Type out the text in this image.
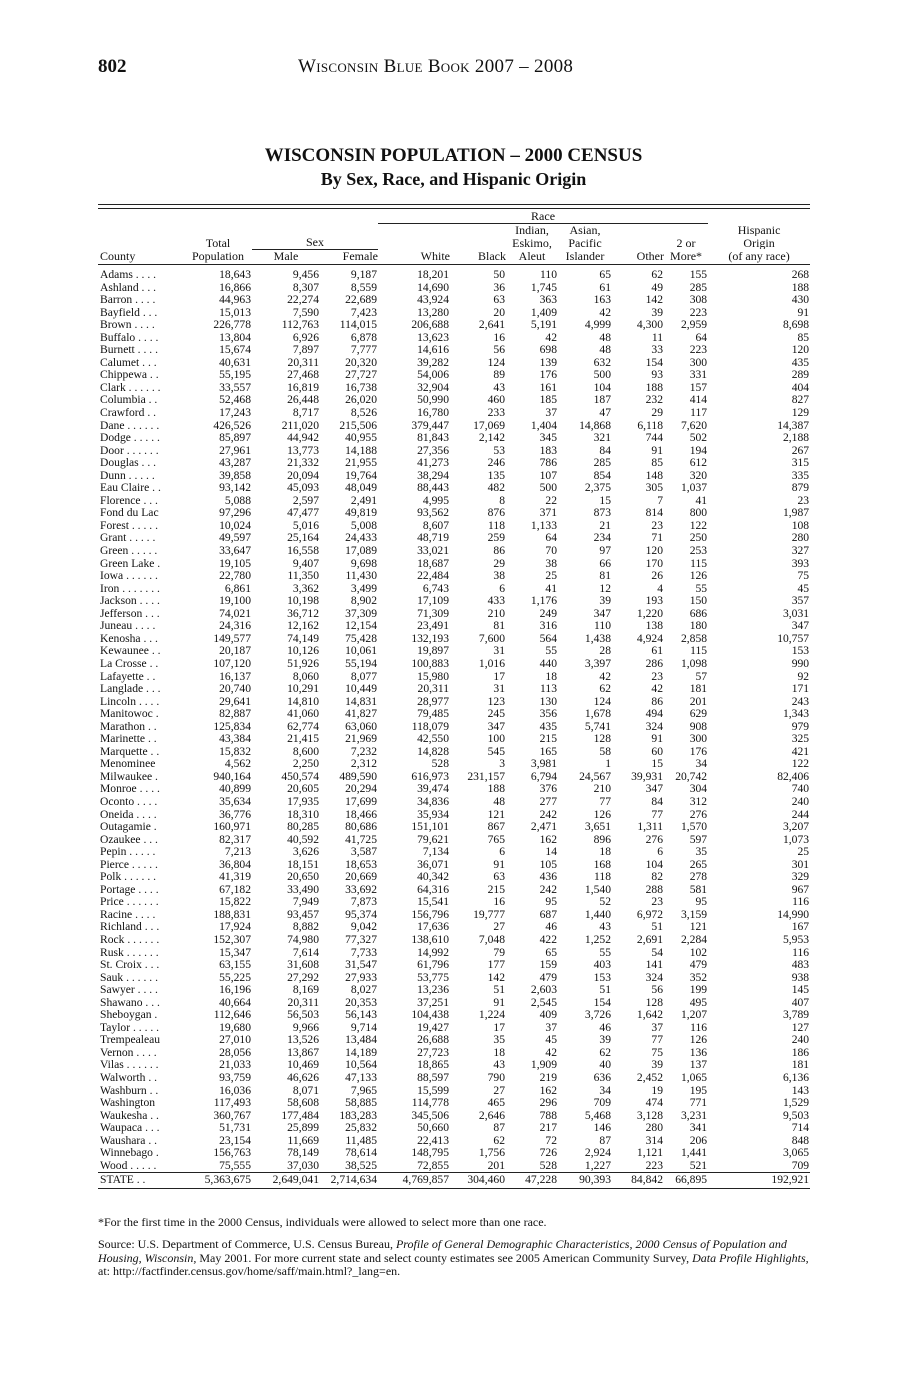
802	Wisconsin Blue Book 2007 – 2008
WISCONSIN POPULATION – 2000 CENSUS
By Sex, Race, and Hispanic Origin
				Race						
						Indian,	Asian,			Hispanic
	Total	Sex				Eskimo,	Pacific		2 or	Origin
County	Population	Male	Female	White	Black	Aleut	Islander	Other	More*	(of any race)
Adams . . . .	18,643	9,456	9,187	18,201	50	110	65	62	155	268
Ashland . . .	16,866	8,307	8,559	14,690	36	1,745	61	49	285	188
Barron . . . .	44,963	22,274	22,689	43,924	63	363	163	142	308	430
Bayfield . . .	15,013	7,590	7,423	13,280	20	1,409	42	39	223	91
Brown . . . .	226,778	112,763	114,015	206,688	2,641	5,191	4,999	4,300	2,959	8,698
Buffalo . . . .	13,804	6,926	6,878	13,623	16	42	48	11	64	85
Burnett . . . .	15,674	7,897	7,777	14,616	56	698	48	33	223	120
Calumet . . .	40,631	20,311	20,320	39,282	124	139	632	154	300	435
Chippewa . .	55,195	27,468	27,727	54,006	89	176	500	93	331	289
Clark . . . . . .	33,557	16,819	16,738	32,904	43	161	104	188	157	404
Columbia . .	52,468	26,448	26,020	50,990	460	185	187	232	414	827
Crawford . .	17,243	8,717	8,526	16,780	233	37	47	29	117	129
Dane . . . . . .	426,526	211,020	215,506	379,447	17,069	1,404	14,868	6,118	7,620	14,387
Dodge . . . . .	85,897	44,942	40,955	81,843	2,142	345	321	744	502	2,188
Door . . . . . .	27,961	13,773	14,188	27,356	53	183	84	91	194	267
Douglas . . .	43,287	21,332	21,955	41,273	246	786	285	85	612	315
Dunn . . . . .	39,858	20,094	19,764	38,294	135	107	854	148	320	335
Eau Claire . .	93,142	45,093	48,049	88,443	482	500	2,375	305	1,037	879
Florence . . .	5,088	2,597	2,491	4,995	8	22	15	7	41	23
Fond du Lac	97,296	47,477	49,819	93,562	876	371	873	814	800	1,987
Forest . . . . .	10,024	5,016	5,008	8,607	118	1,133	21	23	122	108
Grant . . . . .	49,597	25,164	24,433	48,719	259	64	234	71	250	280
Green . . . . .	33,647	16,558	17,089	33,021	86	70	97	120	253	327
Green Lake .	19,105	9,407	9,698	18,687	29	38	66	170	115	393
Iowa . . . . . .	22,780	11,350	11,430	22,484	38	25	81	26	126	75
Iron . . . . . . .	6,861	3,362	3,499	6,743	6	41	12	4	55	45
Jackson . . . .	19,100	10,198	8,902	17,109	433	1,176	39	193	150	357
Jefferson . . .	74,021	36,712	37,309	71,309	210	249	347	1,220	686	3,031
Juneau . . . .	24,316	12,162	12,154	23,491	81	316	110	138	180	347
Kenosha . . .	149,577	74,149	75,428	132,193	7,600	564	1,438	4,924	2,858	10,757
Kewaunee . .	20,187	10,126	10,061	19,897	31	55	28	61	115	153
La Crosse . .	107,120	51,926	55,194	100,883	1,016	440	3,397	286	1,098	990
Lafayette . .	16,137	8,060	8,077	15,980	17	18	42	23	57	92
Langlade . . .	20,740	10,291	10,449	20,311	31	113	62	42	181	171
Lincoln . . . .	29,641	14,810	14,831	28,977	123	130	124	86	201	243
Manitowoc .	82,887	41,060	41,827	79,485	245	356	1,678	494	629	1,343
Marathon . .	125,834	62,774	63,060	118,079	347	435	5,741	324	908	979
Marinette . .	43,384	21,415	21,969	42,550	100	215	128	91	300	325
Marquette . .	15,832	8,600	7,232	14,828	545	165	58	60	176	421
Menominee	4,562	2,250	2,312	528	3	3,981	1	15	34	122
Milwaukee .	940,164	450,574	489,590	616,973	231,157	6,794	24,567	39,931	20,742	82,406
Monroe . . . .	40,899	20,605	20,294	39,474	188	376	210	347	304	740
Oconto . . . .	35,634	17,935	17,699	34,836	48	277	77	84	312	240
Oneida . . . .	36,776	18,310	18,466	35,934	121	242	126	77	276	244
Outagamie .	160,971	80,285	80,686	151,101	867	2,471	3,651	1,311	1,570	3,207
Ozaukee . . .	82,317	40,592	41,725	79,621	765	162	896	276	597	1,073
Pepin . . . . .	7,213	3,626	3,587	7,134	6	14	18	6	35	25
Pierce . . . . .	36,804	18,151	18,653	36,071	91	105	168	104	265	301
Polk . . . . . .	41,319	20,650	20,669	40,342	63	436	118	82	278	329
Portage . . . .	67,182	33,490	33,692	64,316	215	242	1,540	288	581	967
Price . . . . . .	15,822	7,949	7,873	15,541	16	95	52	23	95	116
Racine . . . .	188,831	93,457	95,374	156,796	19,777	687	1,440	6,972	3,159	14,990
Richland . . .	17,924	8,882	9,042	17,636	27	46	43	51	121	167
Rock . . . . . .	152,307	74,980	77,327	138,610	7,048	422	1,252	2,691	2,284	5,953
Rusk . . . . . .	15,347	7,614	7,733	14,992	79	65	55	54	102	116
St. Croix . . .	63,155	31,608	31,547	61,796	177	159	403	141	479	483
Sauk . . . . . .	55,225	27,292	27,933	53,775	142	479	153	324	352	938
Sawyer . . . .	16,196	8,169	8,027	13,236	51	2,603	51	56	199	145
Shawano . . .	40,664	20,311	20,353	37,251	91	2,545	154	128	495	407
Sheboygan .	112,646	56,503	56,143	104,438	1,224	409	3,726	1,642	1,207	3,789
Taylor . . . . .	19,680	9,966	9,714	19,427	17	37	46	37	116	127
Trempealeau	27,010	13,526	13,484	26,688	35	45	39	77	126	240
Vernon . . . .	28,056	13,867	14,189	27,723	18	42	62	75	136	186
Vilas . . . . . .	21,033	10,469	10,564	18,865	43	1,909	40	39	137	181
Walworth . .	93,759	46,626	47,133	88,597	790	219	636	2,452	1,065	6,136
Washburn . .	16,036	8,071	7,965	15,599	27	162	34	19	195	143
Washington	117,493	58,608	58,885	114,778	465	296	709	474	771	1,529
Waukesha . .	360,767	177,484	183,283	345,506	2,646	788	5,468	3,128	3,231	9,503
Waupaca . . .	51,731	25,899	25,832	50,660	87	217	146	280	341	714
Waushara . .	23,154	11,669	11,485	22,413	62	72	87	314	206	848
Winnebago .	156,763	78,149	78,614	148,795	1,756	726	2,924	1,121	1,441	3,065
Wood . . . . .	75,555	37,030	38,525	72,855	201	528	1,227	223	521	709
STATE . .	5,363,675	2,649,041	2,714,634	4,769,857	304,460	47,228	90,393	84,842	66,895	192,921
*For the first time in the 2000 Census, individuals were allowed to select more than one race.
Source: U.S. Department of Commerce, U.S. Census Bureau, Profile of General Demographic Characteristics, 2000 Census of Population and Housing, Wisconsin, May 2001. For more current state and select county estimates see 2005 American Community Survey, Data Profile Highlights, at: http://factfinder.census.gov/home/saff/main.html?_lang=en.
